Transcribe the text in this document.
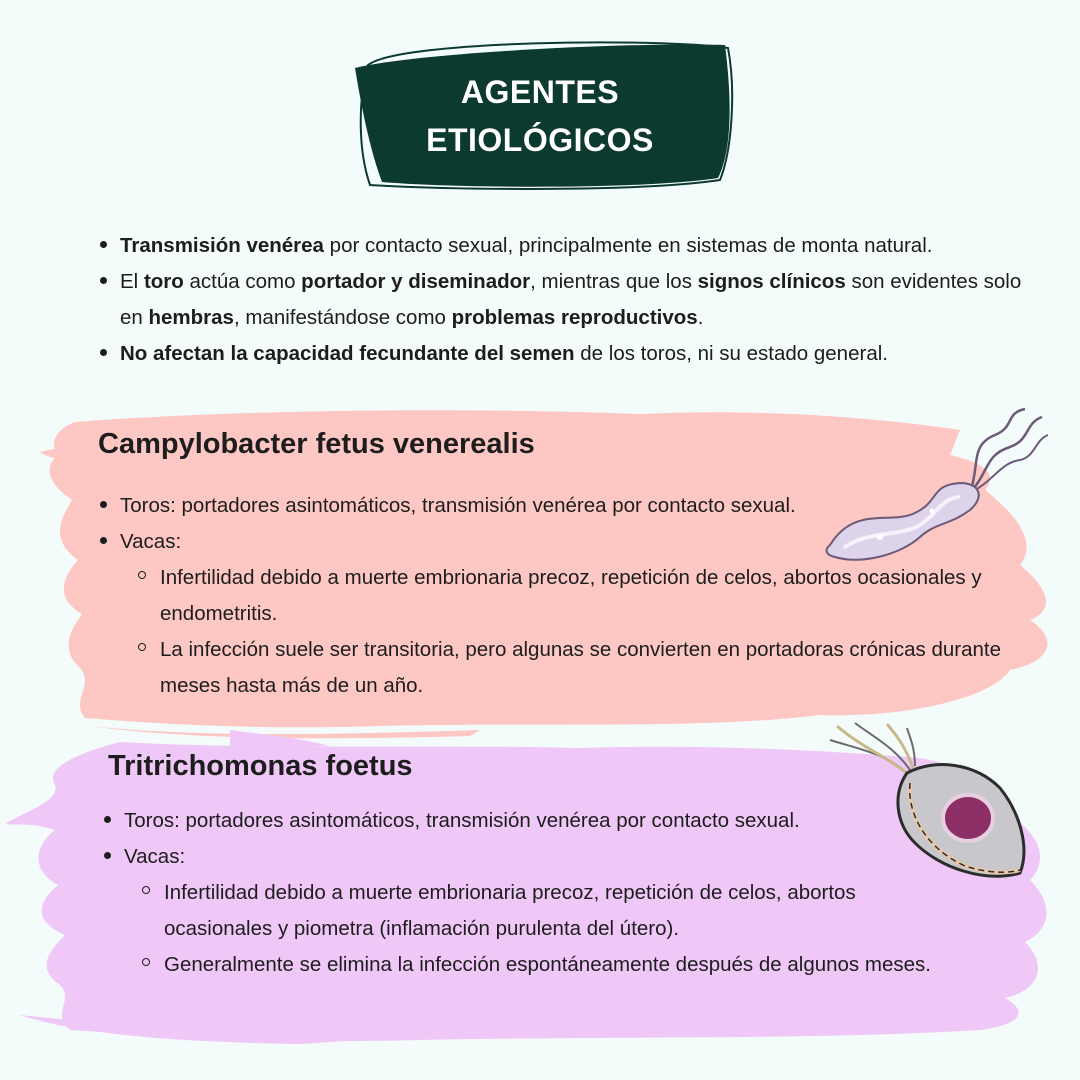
AGENTES
ETIOLÓGICOS
Transmisión venérea por contacto sexual, principalmente en sistemas de monta natural.
El toro actúa como portador y diseminador, mientras que los signos clínicos son evidentes solo en hembras, manifestándose como problemas reproductivos.
No afectan la capacidad fecundante del semen de los toros, ni su estado general.
Campylobacter fetus venerealis
Toros: portadores asintomáticos, transmisión venérea por contacto sexual.
Vacas:
Infertilidad debido a muerte embrionaria precoz, repetición de celos, abortos ocasionales y endometritis.
La infección suele ser transitoria, pero algunas se convierten en portadoras crónicas durante meses hasta más de un año.
Tritrichomonas foetus
Toros: portadores asintomáticos, transmisión venérea por contacto sexual.
Vacas:
Infertilidad debido a muerte embrionaria precoz, repetición de celos, abortos ocasionales y piometra (inflamación purulenta del útero).
Generalmente se elimina la infección espontáneamente después de algunos meses.
